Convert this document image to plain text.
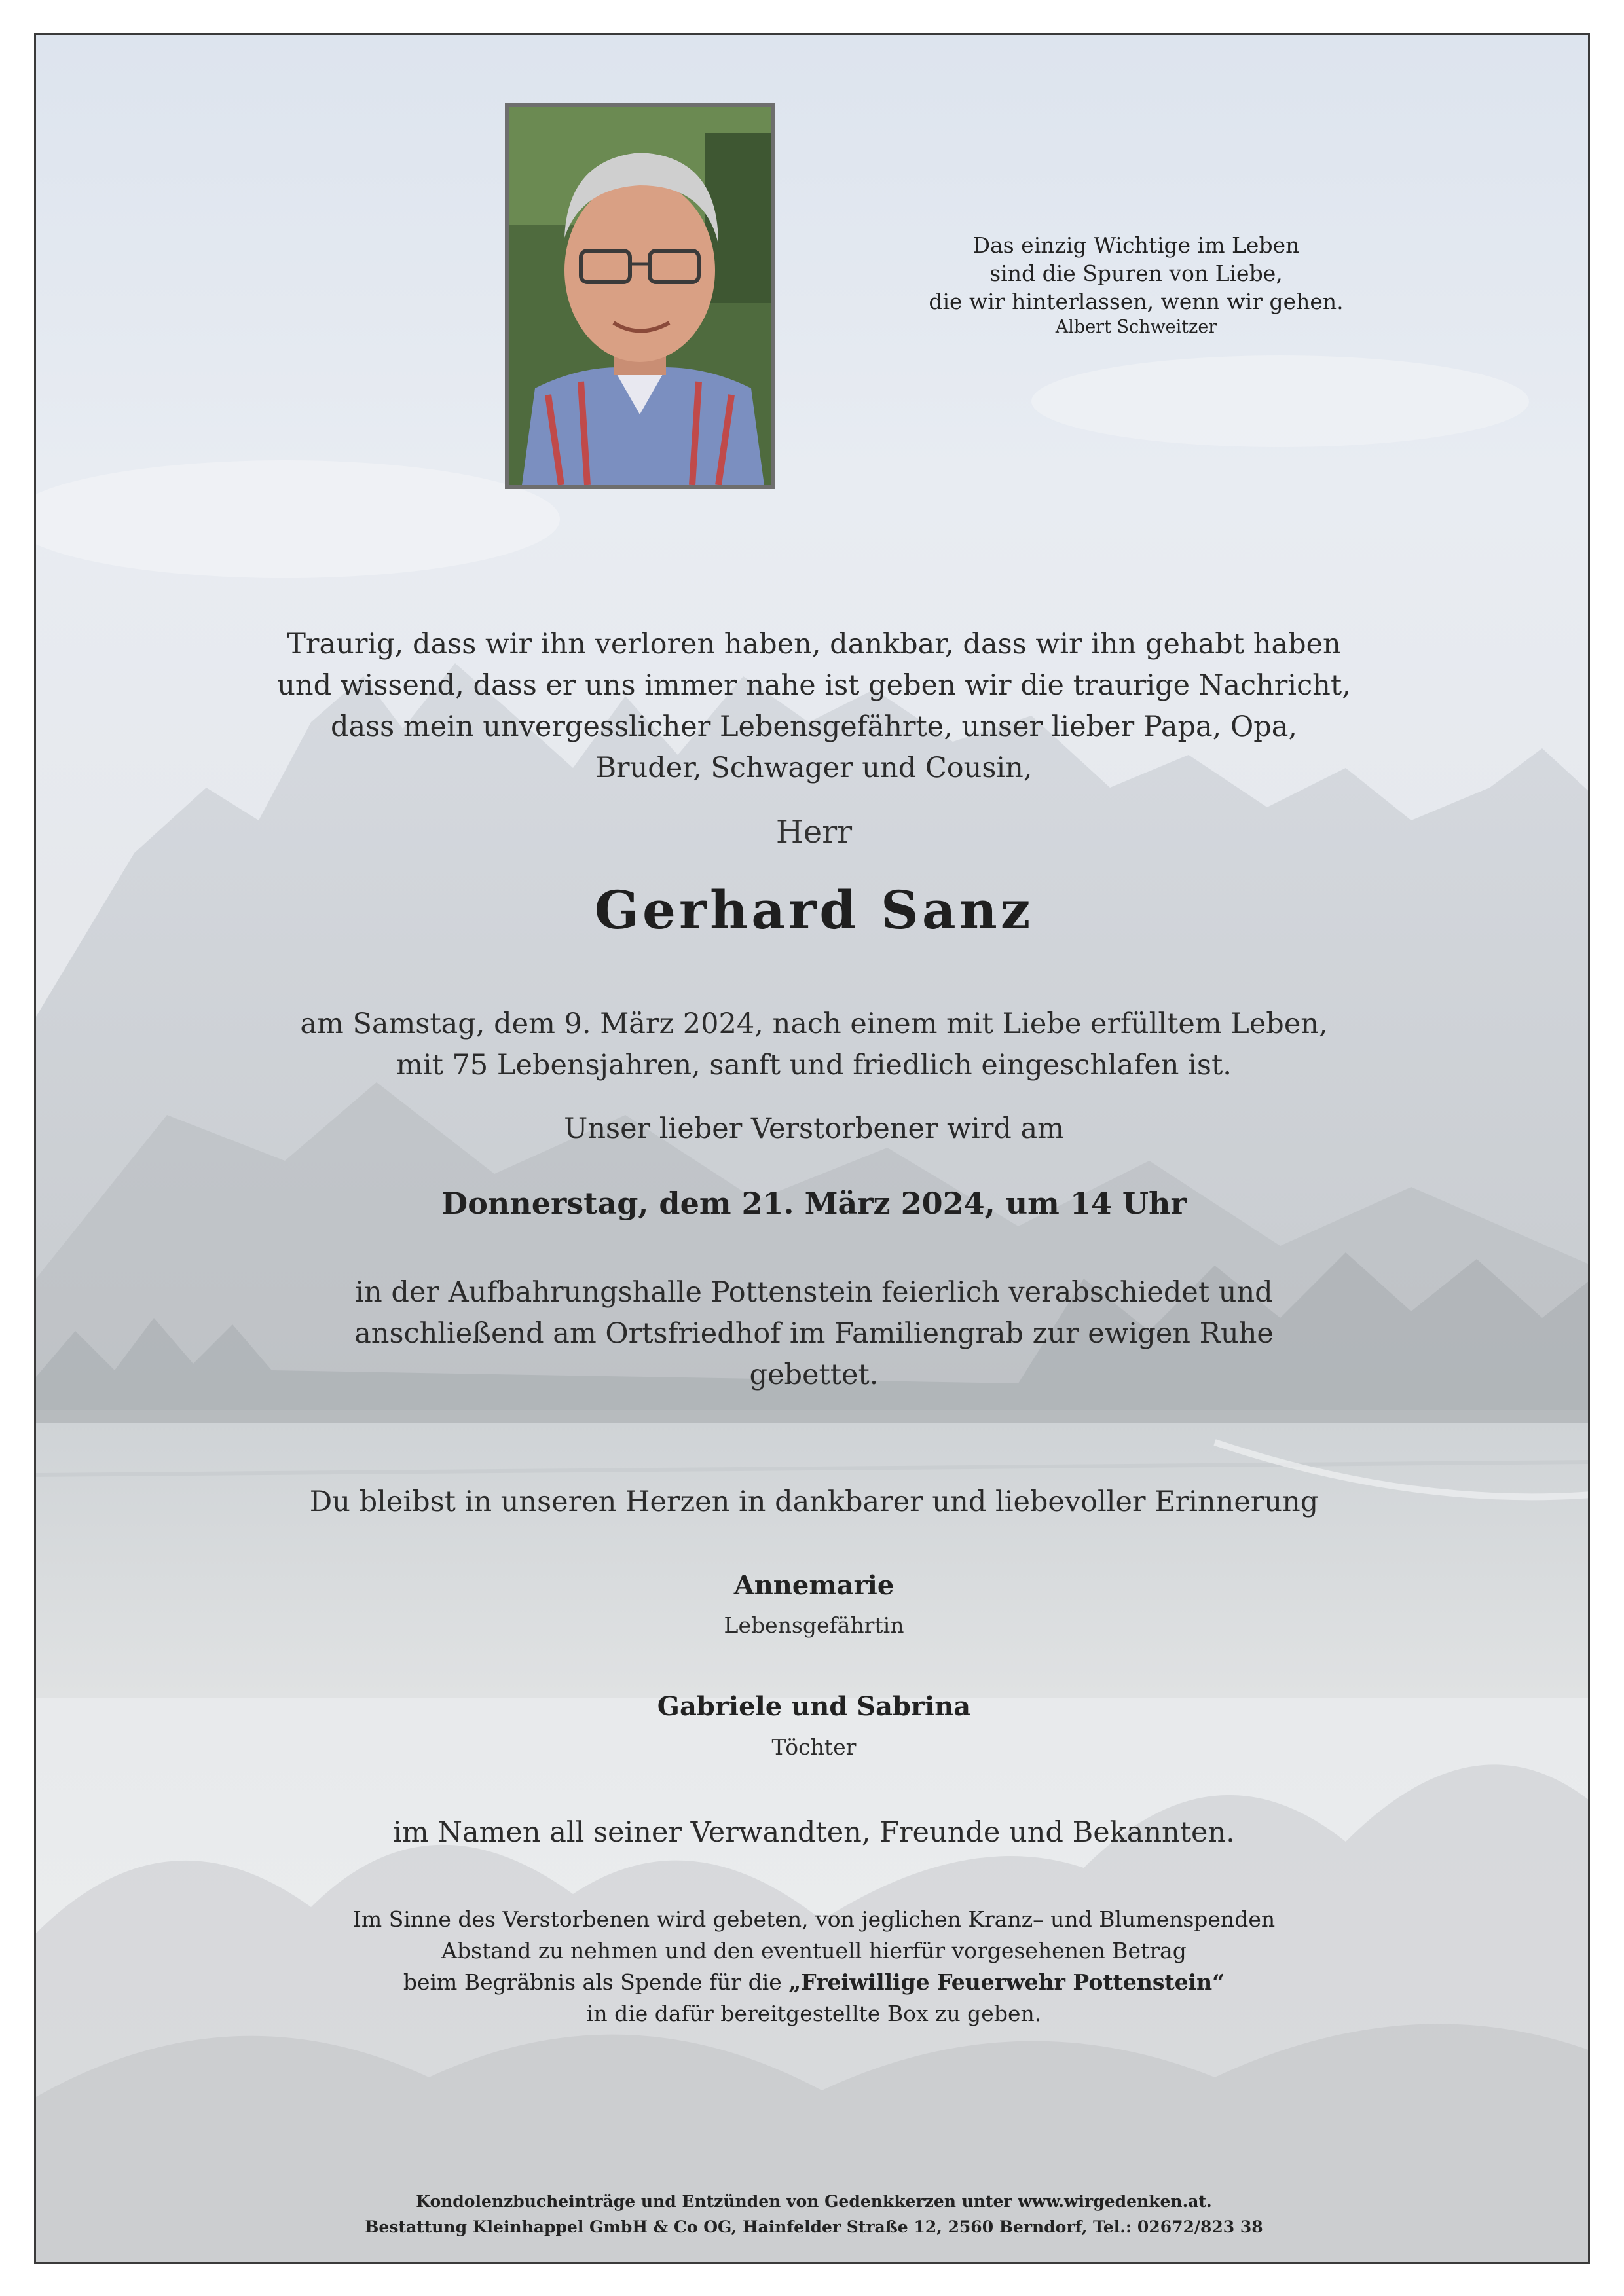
Das einzig Wichtige im Leben
sind die Spuren von Liebe,
die wir hinterlassen, wenn wir gehen.
Albert Schweitzer
Traurig, dass wir ihn verloren haben, dankbar, dass wir ihn gehabt haben
und wissend, dass er uns immer nahe ist geben wir die traurige Nachricht,
dass mein unvergesslicher Lebensgefährte, unser lieber Papa, Opa,
Bruder, Schwager und Cousin,
Herr
Gerhard Sanz
am Samstag, dem 9. März 2024, nach einem mit Liebe erfülltem Leben,
mit 75 Lebensjahren, sanft und friedlich eingeschlafen ist.
Unser lieber Verstorbener wird am
Donnerstag, dem 21. März 2024, um 14 Uhr
in der Aufbahrungshalle Pottenstein feierlich verabschiedet und
anschließend am Ortsfriedhof im Familiengrab zur ewigen Ruhe
gebettet.
Du bleibst in unseren Herzen in dankbarer und liebevoller Erinnerung
Annemarie
Lebensgefährtin
Gabriele und Sabrina
Töchter
im Namen all seiner Verwandten, Freunde und Bekannten.
Im Sinne des Verstorbenen wird gebeten, von jeglichen Kranz– und Blumenspenden
Abstand zu nehmen und den eventuell hierfür vorgesehenen Betrag
beim Begräbnis als Spende für die „Freiwillige Feuerwehr Pottenstein“
in die dafür bereitgestellte Box zu geben.
Kondolenzbucheinträge und Entzünden von Gedenkkerzen unter www.wirgedenken.at.
Bestattung Kleinhappel GmbH & Co OG, Hainfelder Straße 12, 2560 Berndorf, Tel.: 02672/823 38
